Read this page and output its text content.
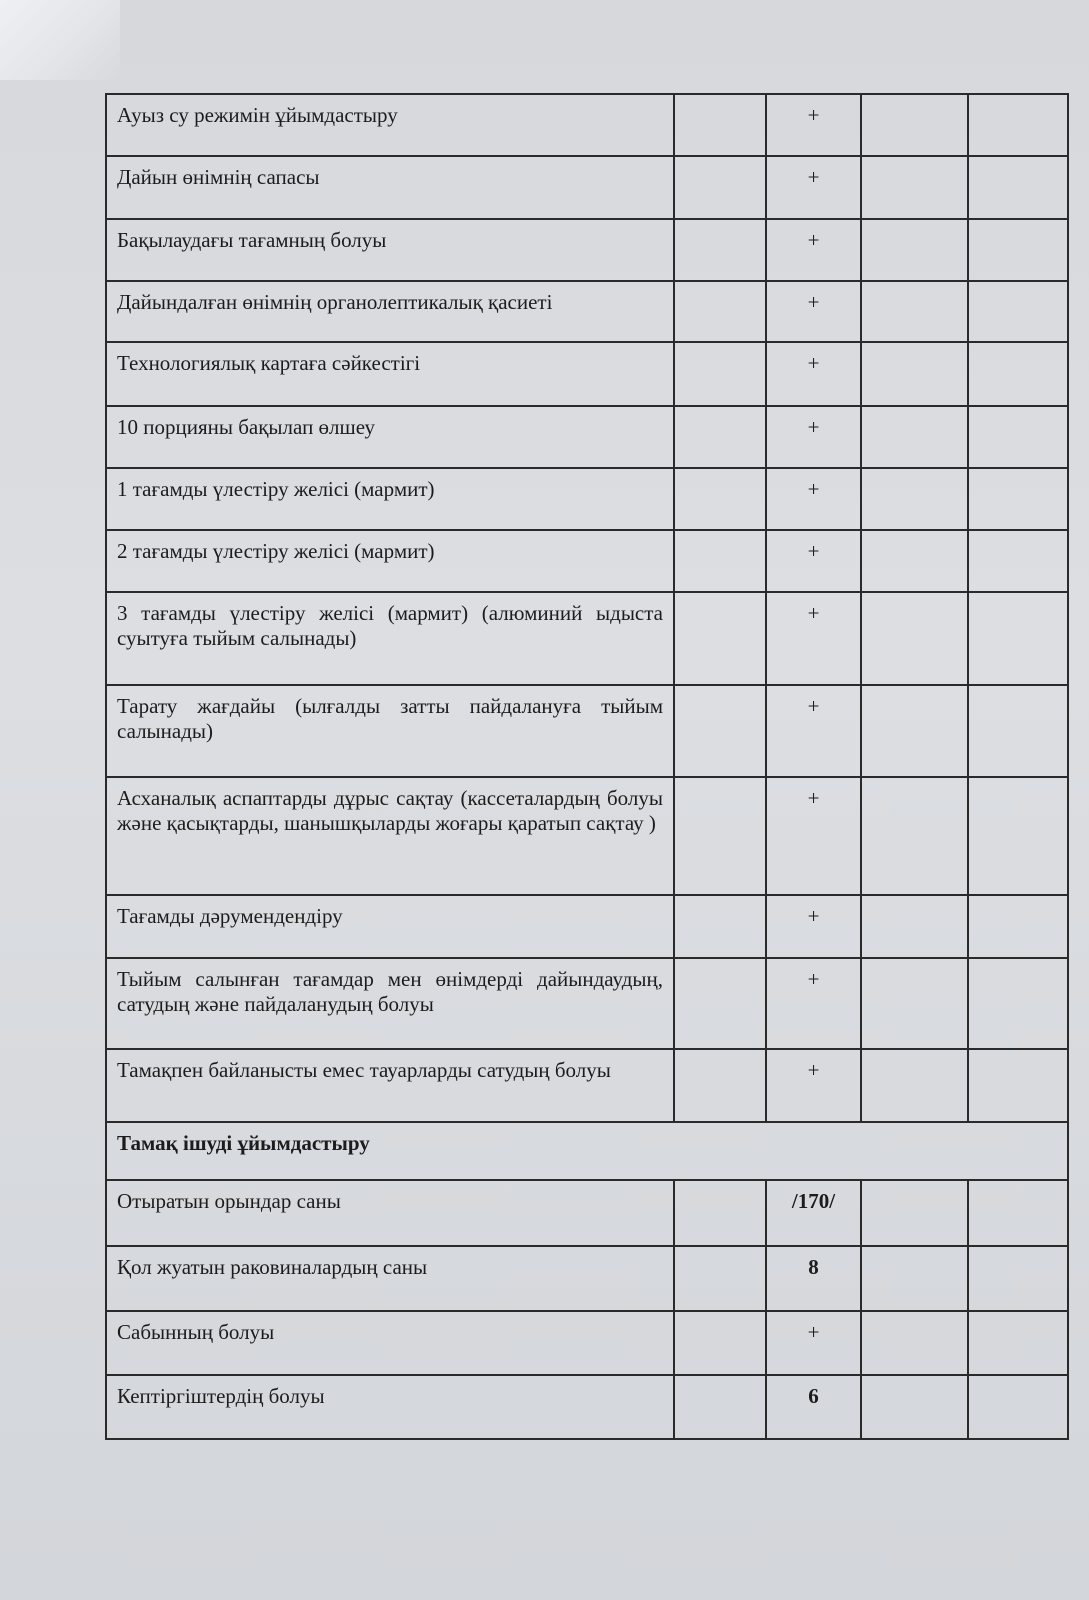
Ауыз су режимін ұйымдастыру		+		
Дайын өнімнің сапасы		+		
Бақылаудағы тағамның болуы		+		
Дайындалған өнімнің органолептикалық қасиеті		+		
Технологиялық картаға сәйкестігі		+		
10 порцияны бақылап өлшеу		+		
1 тағамды үлестіру желісі (мармит)		+		
2 тағамды үлестіру желісі (мармит)		+		
3 тағамды үлестіру желісі (мармит) (алюминий ыдыста суытуға тыйым салынады)		+		
Тарату жағдайы (ылғалды затты пайдалануға тыйым салынады)		+		
Асханалық аспаптарды дұрыс сақтау (кассеталардың болуы және қасықтарды, шанышқыларды жоғары қаратып сақтау )		+		
Тағамды дәрумендендіру		+		
Тыйым салынған тағамдар мен өнімдерді дайындаудың, сатудың және пайдаланудың болуы		+		
Тамақпен байланысты емес тауарларды сатудың болуы		+		
Тамақ ішуді ұйымдастыру				
Отыратын орындар саны		/170/		
Қол жуатын раковиналардың саны		8		
Сабынның болуы		+		
Кептіргіштердің болуы		6		
